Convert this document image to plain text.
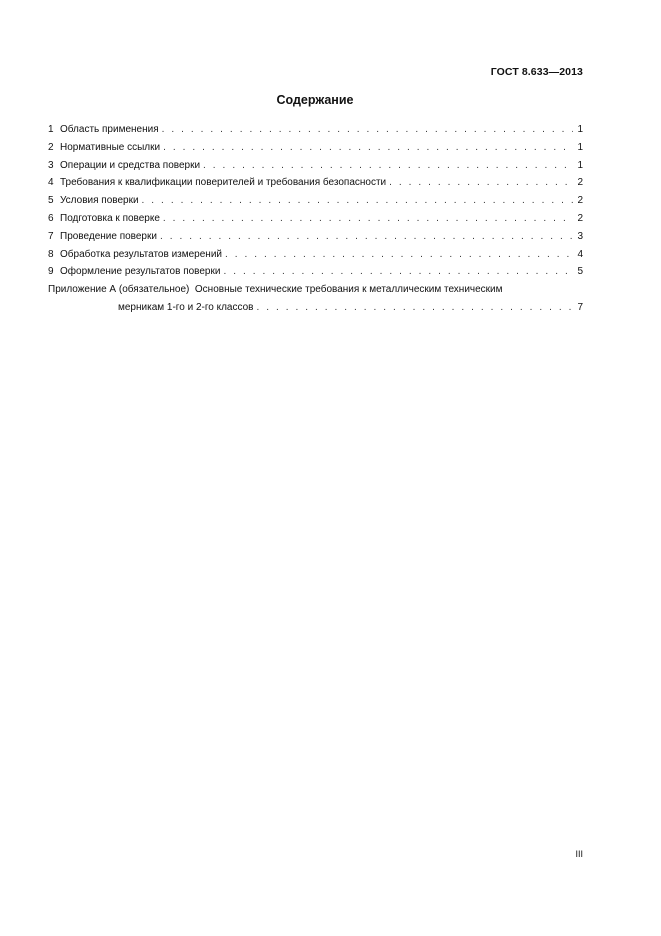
ГОСТ 8.633—2013
Содержание
1 Область применения . . .	1
2 Нормативные ссылки . . .	1
3 Операции и средства поверки . . .	1
4 Требования к квалификации поверителей и требования безопасности . . .	2
5 Условия поверки . . .	2
6 Подготовка к поверке . . .	2
7 Проведение поверки . . .	3
8 Обработка результатов измерений . . .	4
9 Оформление результатов поверки . . .	5
Приложение А (обязательное) Основные технические требования к металлическим техническим
мерникам 1-го и 2-го классов . . .	7
III
